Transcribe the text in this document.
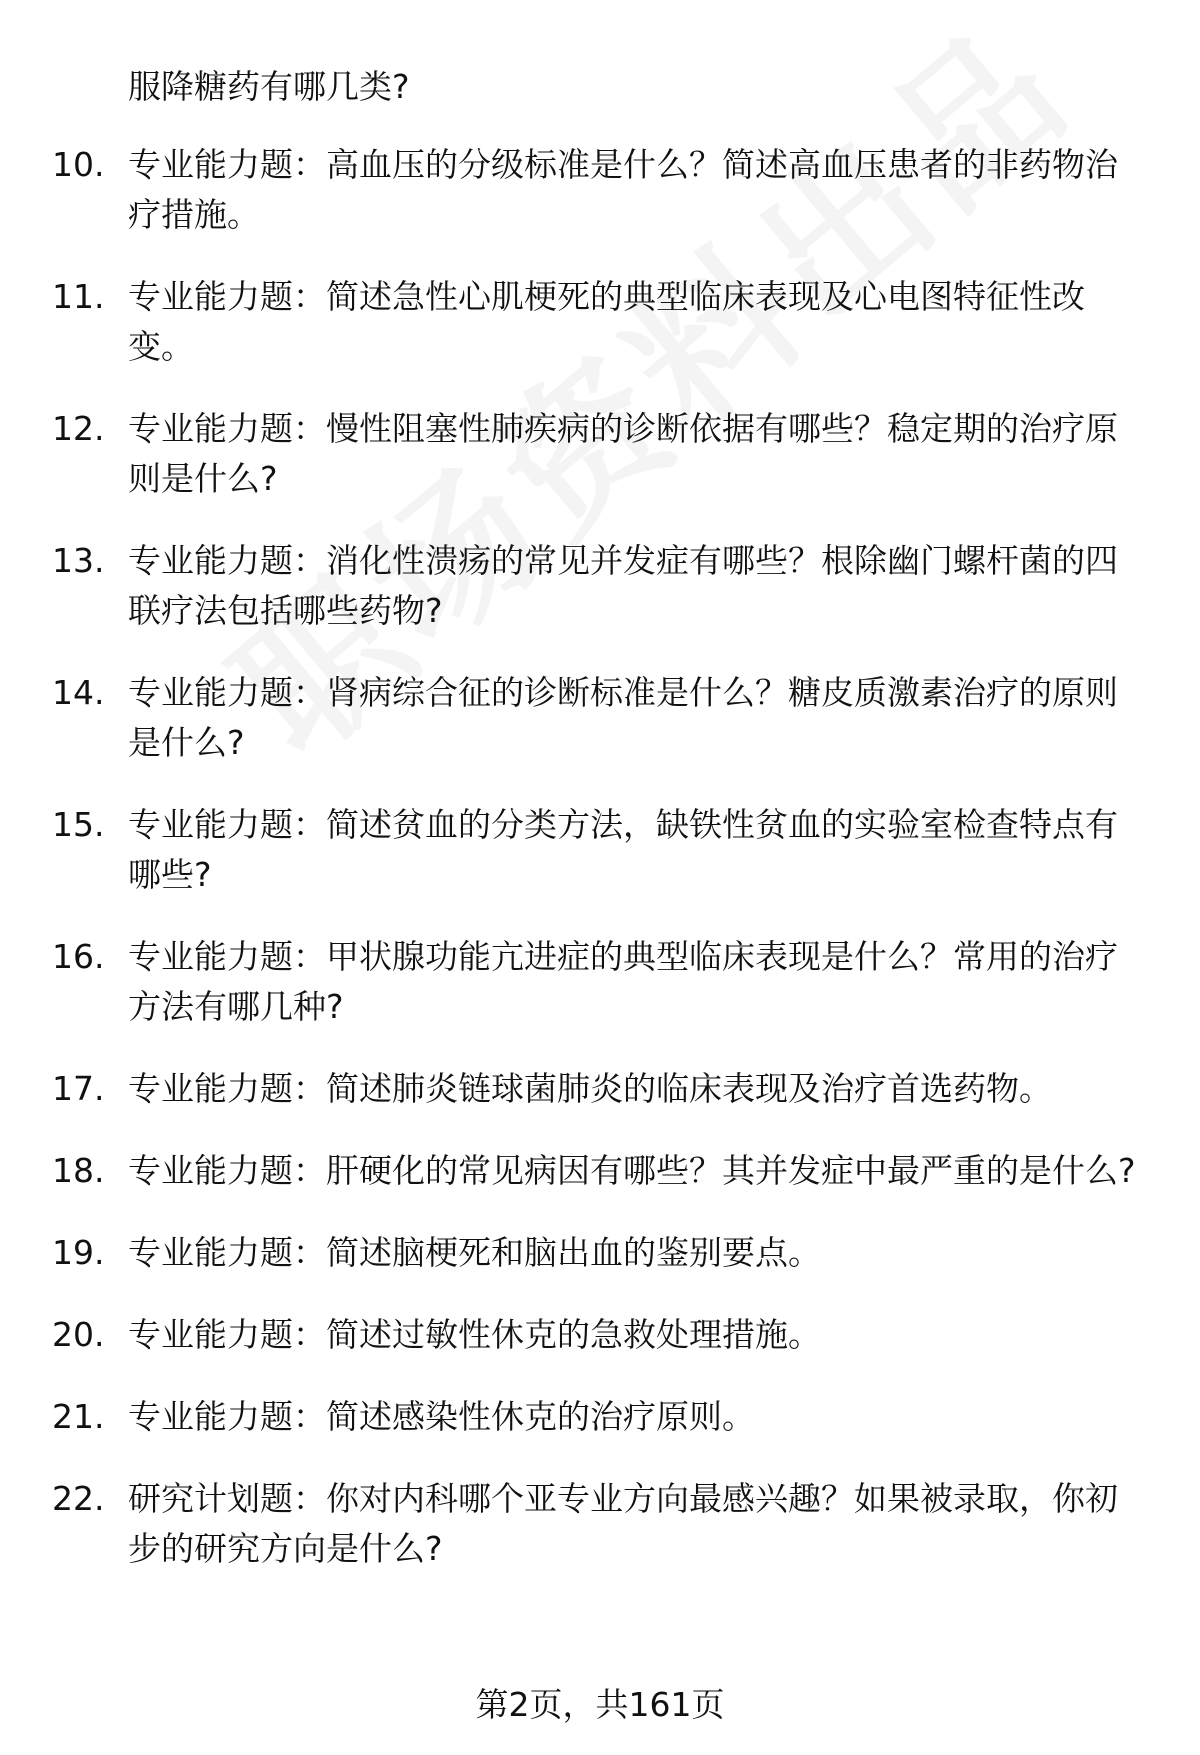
服降糖药有哪几类?
10. 专业能力题：高血压的分级标准是什么？简述高血压患者的非药物治疗措施。
11. 专业能力题：简述急性心肌梗死的典型临床表现及心电图特征性改变。
12. 专业能力题：慢性阻塞性肺疾病的诊断依据有哪些？稳定期的治疗原则是什么?
13. 专业能力题：消化性溃疡的常见并发症有哪些？根除幽门螺杆菌的四联疗法包括哪些药物?
14. 专业能力题：肾病综合征的诊断标准是什么？糖皮质激素治疗的原则是什么?
15. 专业能力题：简述贫血的分类方法，缺铁性贫血的实验室检查特点有哪些?
16. 专业能力题：甲状腺功能亢进症的典型临床表现是什么？常用的治疗方法有哪几种?
17. 专业能力题：简述肺炎链球菌肺炎的临床表现及治疗首选药物。
18. 专业能力题：肝硬化的常见病因有哪些？其并发症中最严重的是什么?
19. 专业能力题：简述脑梗死和脑出血的鉴别要点。
20. 专业能力题：简述过敏性休克的急救处理措施。
21. 专业能力题：简述感染性休克的治疗原则。
22. 研究计划题：你对内科哪个亚专业方向最感兴趣？如果被录取，你初步的研究方向是什么?
第2页，共161页
